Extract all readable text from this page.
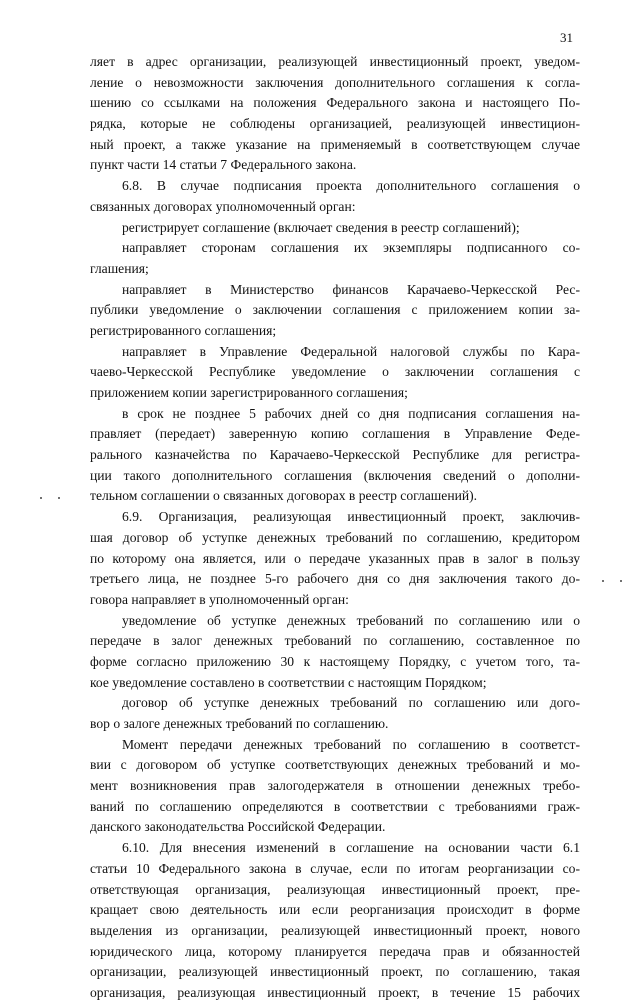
31
ляет в адрес организации, реализующей инвестиционный проект, уведом-
ление о невозможности заключения дополнительного соглашения к согла-
шению со ссылками на положения Федерального закона и настоящего По-
рядка, которые не соблюдены организацией, реализующей инвестицион-
ный проект, а также указание на применяемый в соответствующем случае
пункт части 14 статьи 7 Федерального закона.
6.8. В случае подписания проекта дополнительного соглашения о
связанных договорах уполномоченный орган:
регистрирует соглашение (включает сведения в реестр соглашений);
направляет сторонам соглашения их экземпляры подписанного со-
глашения;
направляет в Министерство финансов Карачаево-Черкесской Рес-
публики уведомление о заключении соглашения с приложением копии за-
регистрированного соглашения;
направляет в Управление Федеральной налоговой службы по Кара-
чаево-Черкесской Республике уведомление о заключении соглашения с
приложением копии зарегистрированного соглашения;
в срок не позднее 5 рабочих дней со дня подписания соглашения на-
правляет (передает) заверенную копию соглашения в Управление Феде-
рального казначейства по Карачаево-Черкесской Республике для регистра-
ции такого дополнительного соглашения (включения сведений о дополни-
тельном соглашении о связанных договорах в реестр соглашений).
6.9. Организация, реализующая инвестиционный проект, заключив-
шая договор об уступке денежных требований по соглашению, кредитором
по которому она является, или о передаче указанных прав в залог в пользу
третьего лица, не позднее 5-го рабочего дня со дня заключения такого до-
говора направляет в уполномоченный орган:
уведомление об уступке денежных требований по соглашению или о
передаче в залог денежных требований по соглашению, составленное по
форме согласно приложению 30 к настоящему Порядку, с учетом того, та-
кое уведомление составлено в соответствии с настоящим Порядком;
договор об уступке денежных требований по соглашению или дого-
вор о залоге денежных требований по соглашению.
Момент передачи денежных требований по соглашению в соответст-
вии с договором об уступке соответствующих денежных требований и мо-
мент возникновения прав залогодержателя в отношении денежных требо-
ваний по соглашению определяются в соответствии с требованиями граж-
данского законодательства Российской Федерации.
6.10. Для внесения изменений в соглашение на основании части 6.1
статьи 10 Федерального закона в случае, если по итогам реорганизации со-
ответствующая организация, реализующая инвестиционный проект, пре-
кращает свою деятельность или если реорганизация происходит в форме
выделения из организации, реализующей инвестиционный проект, нового
юридического лица, которому планируется передача прав и обязанностей
организации, реализующей инвестиционный проект, по соглашению, такая
организация, реализующая инвестиционный проект, в течение 15 рабочих
